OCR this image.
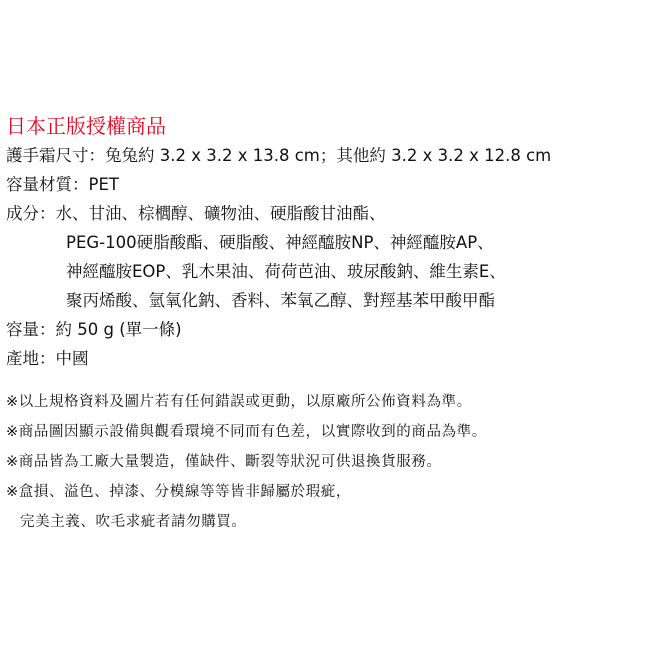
日本正版授權商品
護手霜尺寸：兔兔約 3.2 x 3.2 x 13.8 cm；其他約 3.2 x 3.2 x 12.8 cm
容量材質：PET
成分：水、甘油、棕櫚醇、礦物油、硬脂酸甘油酯、
PEG-100硬脂酸酯、硬脂酸、神經醯胺NP、神經醯胺AP、
神經醯胺EOP、乳木果油、荷荷芭油、玻尿酸鈉、維生素E、
聚丙烯酸、氫氧化鈉、香料、苯氧乙醇、對羥基苯甲酸甲酯
容量：約 50 g (單一條)
產地：中國
※以上規格資料及圖片若有任何錯誤或更動，以原廠所公佈資料為準。
※商品圖因顯示設備與觀看環境不同而有色差，以實際收到的商品為準。
※商品皆為工廠大量製造，僅缺件、斷裂等狀況可供退換貨服務。
※盒損、溢色、掉漆、分模線等等皆非歸屬於瑕疵，
完美主義、吹毛求疵者請勿購買。
